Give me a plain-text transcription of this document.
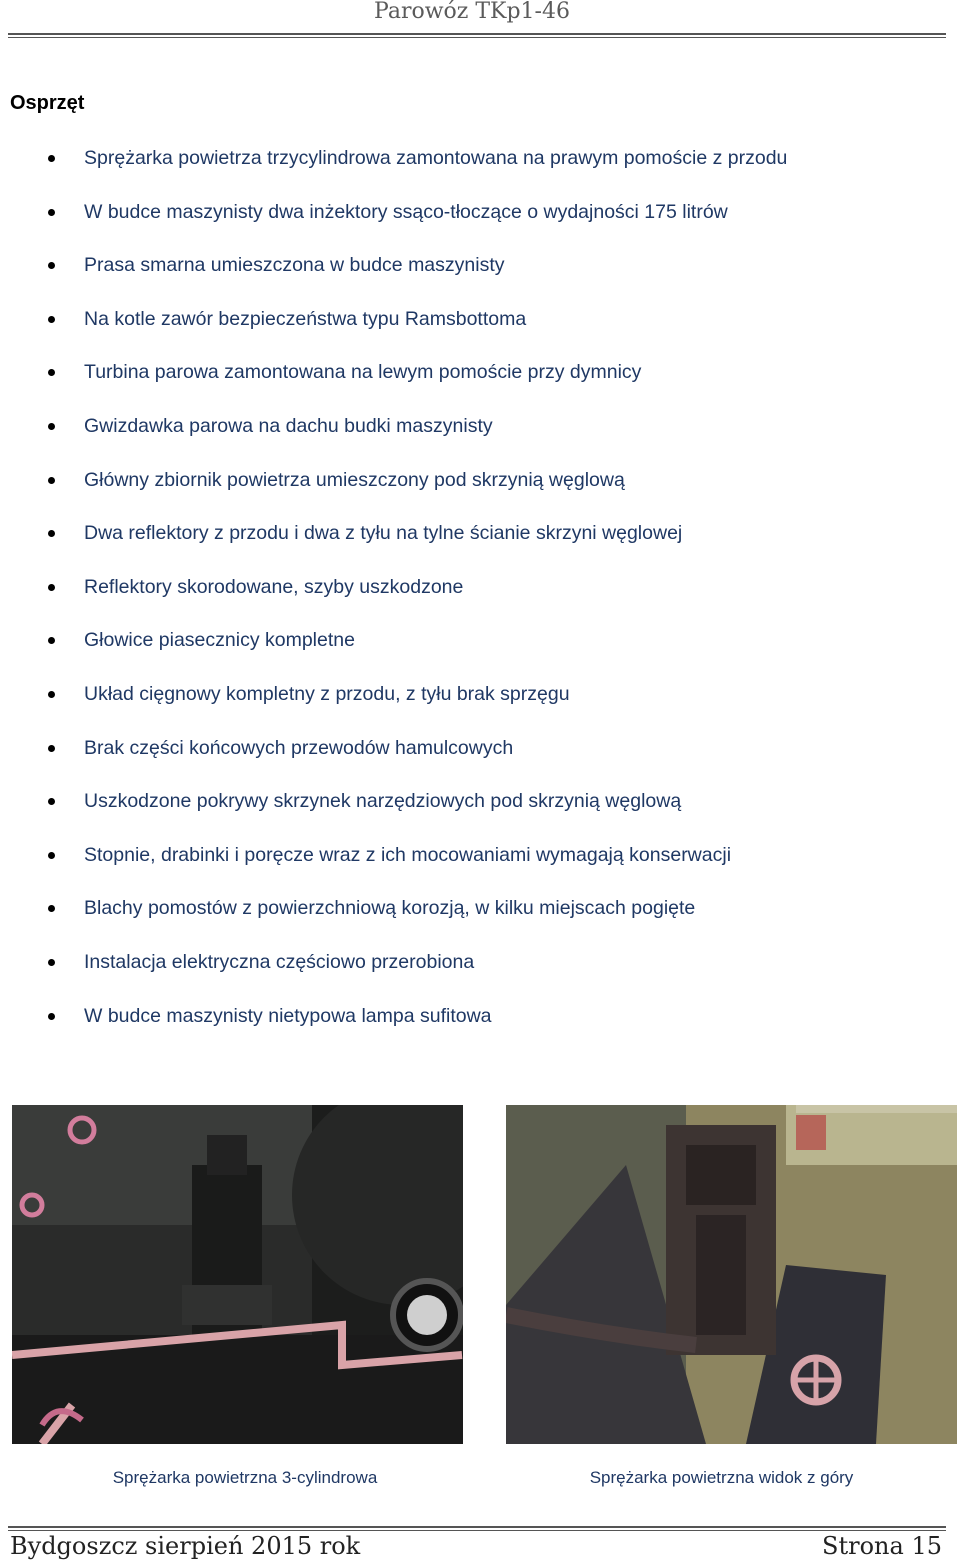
Parowóz TKp1-46
Osprzęt
Sprężarka powietrza trzycylindrowa zamontowana na prawym pomoście z przodu
W budce maszynisty dwa inżektory ssąco-tłoczące o wydajności 175 litrów
Prasa smarna umieszczona w budce maszynisty
Na kotle zawór bezpieczeństwa typu Ramsbottoma
Turbina parowa zamontowana na lewym pomoście przy dymnicy
Gwizdawka parowa na dachu budki maszynisty
Główny zbiornik powietrza umieszczony pod skrzynią węglową
Dwa reflektory z przodu i dwa z tyłu na tylne ścianie skrzyni węglowej
Reflektory skorodowane, szyby uszkodzone
Głowice piasecznicy kompletne
Układ cięgnowy kompletny z przodu, z tyłu brak sprzęgu
Brak części końcowych przewodów hamulcowych
Uszkodzone pokrywy skrzynek narzędziowych pod skrzynią węglową
Stopnie, drabinki i poręcze wraz z ich mocowaniami wymagają konserwacji
Blachy pomostów z powierzchniową korozją, w kilku miejscach pogięte
Instalacja elektryczna częściowo przerobiona
W budce maszynisty nietypowa lampa sufitowa
Sprężarka powietrzna 3-cylindrowa	Sprężarka powietrzna widok z góry
Bydgoszcz sierpień 2015 rok	Strona 15
